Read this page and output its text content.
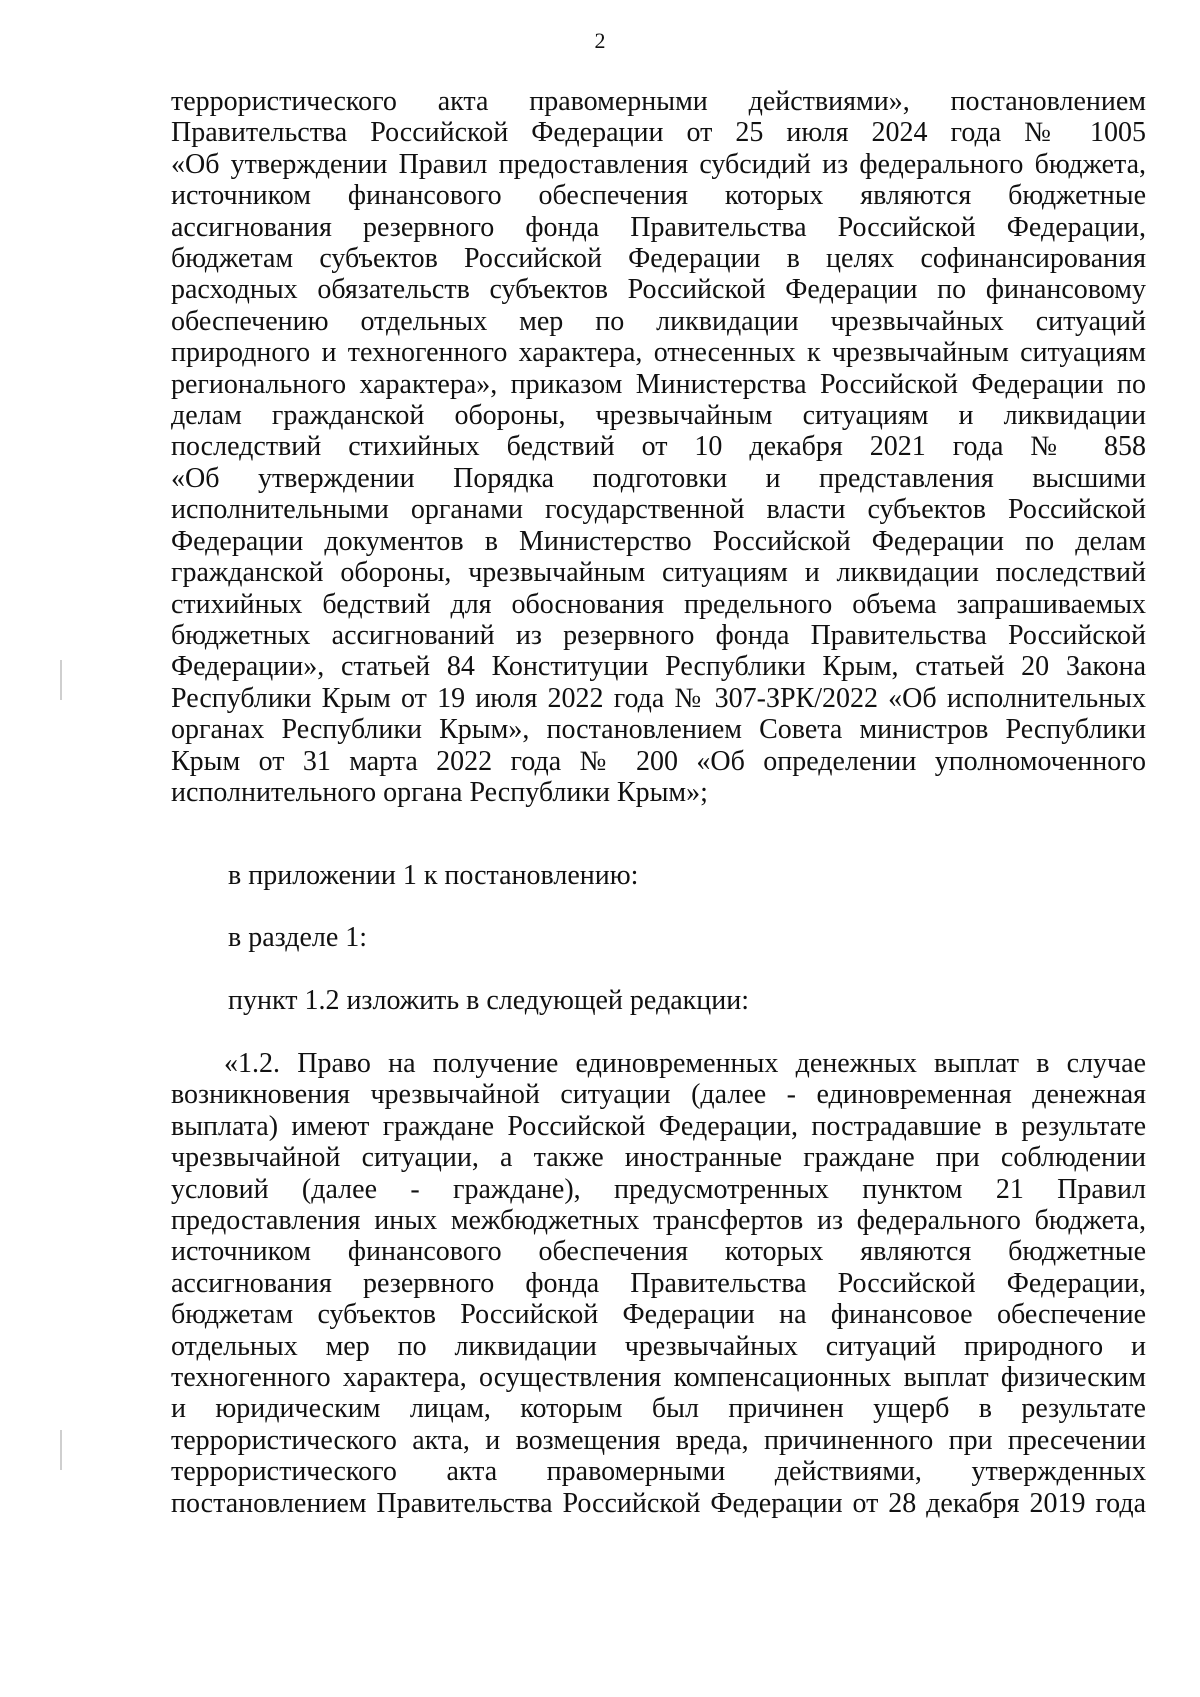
2
террористического акта правомерными действиями», постановлением
Правительства Российской Федерации от 25 июля 2024 года № 1005
«Об утверждении Правил предоставления субсидий из федерального бюджета,
источником финансового обеспечения которых являются бюджетные
ассигнования резервного фонда Правительства Российской Федерации,
бюджетам субъектов Российской Федерации в целях софинансирования
расходных обязательств субъектов Российской Федерации по финансовому
обеспечению отдельных мер по ликвидации чрезвычайных ситуаций
природного и техногенного характера, отнесенных к чрезвычайным ситуациям
регионального характера», приказом Министерства Российской Федерации по
делам гражданской обороны, чрезвычайным ситуациям и ликвидации
последствий стихийных бедствий от 10 декабря 2021 года № 858
«Об утверждении Порядка подготовки и представления высшими
исполнительными органами государственной власти субъектов Российской
Федерации документов в Министерство Российской Федерации по делам
гражданской обороны, чрезвычайным ситуациям и ликвидации последствий
стихийных бедствий для обоснования предельного объема запрашиваемых
бюджетных ассигнований из резервного фонда Правительства Российской
Федерации», статьей 84 Конституции Республики Крым, статьей 20 Закона
Республики Крым от 19 июля 2022 года № 307-ЗРК/2022 «Об исполнительных
органах Республики Крым», постановлением Совета министров Республики
Крым от 31 марта 2022 года № 200 «Об определении уполномоченного
исполнительного органа Республики Крым»;
в приложении 1 к постановлению:
в разделе 1:
пункт 1.2 изложить в следующей редакции:
«1.2. Право на получение единовременных денежных выплат в случае
возникновения чрезвычайной ситуации (далее - единовременная денежная
выплата) имеют граждане Российской Федерации, пострадавшие в результате
чрезвычайной ситуации, а также иностранные граждане при соблюдении
условий (далее - граждане), предусмотренных пунктом 21 Правил
предоставления иных межбюджетных трансфертов из федерального бюджета,
источником финансового обеспечения которых являются бюджетные
ассигнования резервного фонда Правительства Российской Федерации,
бюджетам субъектов Российской Федерации на финансовое обеспечение
отдельных мер по ликвидации чрезвычайных ситуаций природного и
техногенного характера, осуществления компенсационных выплат физическим
и юридическим лицам, которым был причинен ущерб в результате
террористического акта, и возмещения вреда, причиненного при пресечении
террористического акта правомерными действиями, утвержденных
постановлением Правительства Российской Федерации от 28 декабря 2019 года
